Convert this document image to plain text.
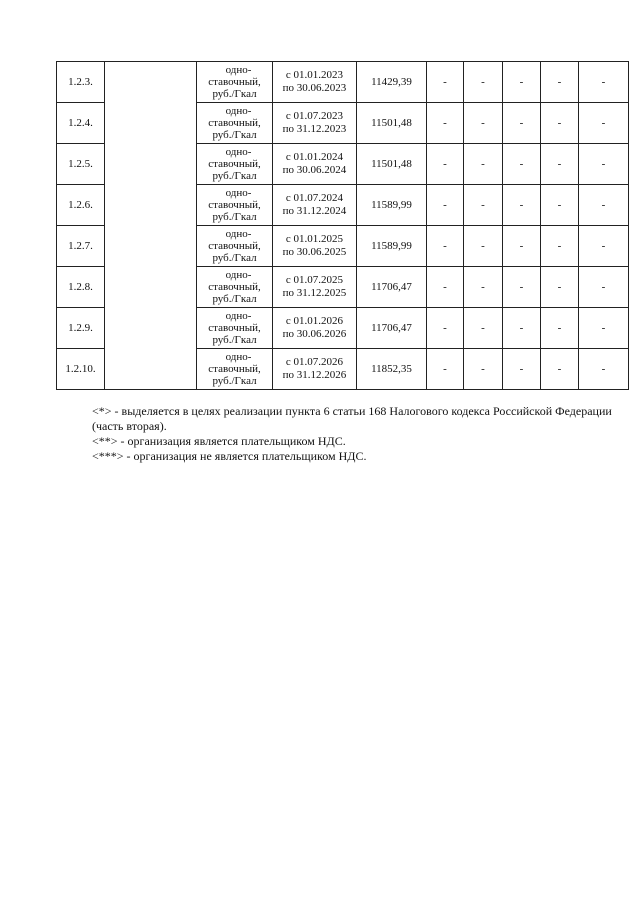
1.2.3.		одно-
ставочный,
руб./Гкал	с 01.01.2023
по 30.06.2023	11429,39	-	-	-	-	-
1.2.4.		одно-
ставочный,
руб./Гкал	с 01.07.2023
по 31.12.2023	11501,48	-	-	-	-	-
1.2.5.		одно-
ставочный,
руб./Гкал	с 01.01.2024
по 30.06.2024	11501,48	-	-	-	-	-
1.2.6.		одно-
ставочный,
руб./Гкал	с 01.07.2024
по 31.12.2024	11589,99	-	-	-	-	-
1.2.7.		одно-
ставочный,
руб./Гкал	с 01.01.2025
по 30.06.2025	11589,99	-	-	-	-	-
1.2.8.		одно-
ставочный,
руб./Гкал	с 01.07.2025
по 31.12.2025	11706,47	-	-	-	-	-
1.2.9.		одно-
ставочный,
руб./Гкал	с 01.01.2026
по 30.06.2026	11706,47	-	-	-	-	-
1.2.10.		одно-
ставочный,
руб./Гкал	с 01.07.2026
по 31.12.2026	11852,35	-	-	-	-	-

<*> - выделяется в целях реализации пункта 6 статьи 168 Налогового кодекса Российской Федерации (часть вторая).

<**> - организация является плательщиком НДС.

<***> - организация не является плательщиком НДС.
